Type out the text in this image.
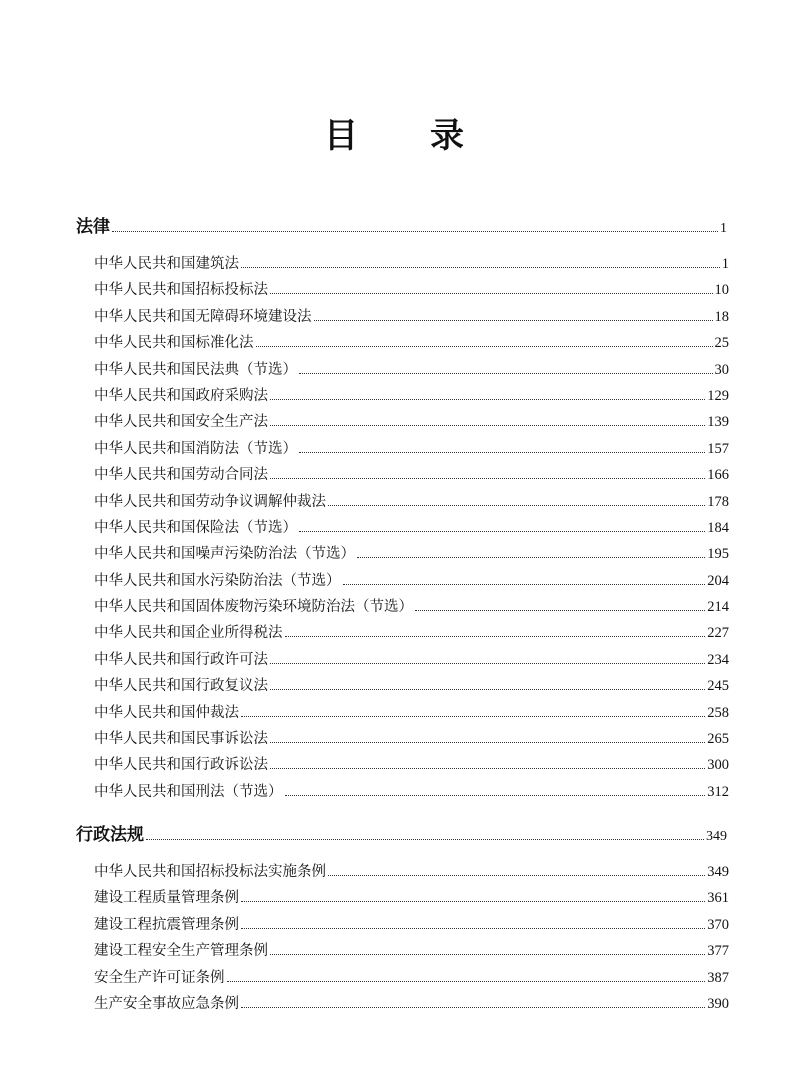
目 录
法律	1
中华人民共和国建筑法	1
中华人民共和国招标投标法	10
中华人民共和国无障碍环境建设法	18
中华人民共和国标准化法	25
中华人民共和国民法典（节选）	30
中华人民共和国政府采购法	129
中华人民共和国安全生产法	139
中华人民共和国消防法（节选）	157
中华人民共和国劳动合同法	166
中华人民共和国劳动争议调解仲裁法	178
中华人民共和国保险法（节选）	184
中华人民共和国噪声污染防治法（节选）	195
中华人民共和国水污染防治法（节选）	204
中华人民共和国固体废物污染环境防治法（节选）	214
中华人民共和国企业所得税法	227
中华人民共和国行政许可法	234
中华人民共和国行政复议法	245
中华人民共和国仲裁法	258
中华人民共和国民事诉讼法	265
中华人民共和国行政诉讼法	300
中华人民共和国刑法（节选）	312
行政法规	349
中华人民共和国招标投标法实施条例	349
建设工程质量管理条例	361
建设工程抗震管理条例	370
建设工程安全生产管理条例	377
安全生产许可证条例	387
生产安全事故应急条例	390
